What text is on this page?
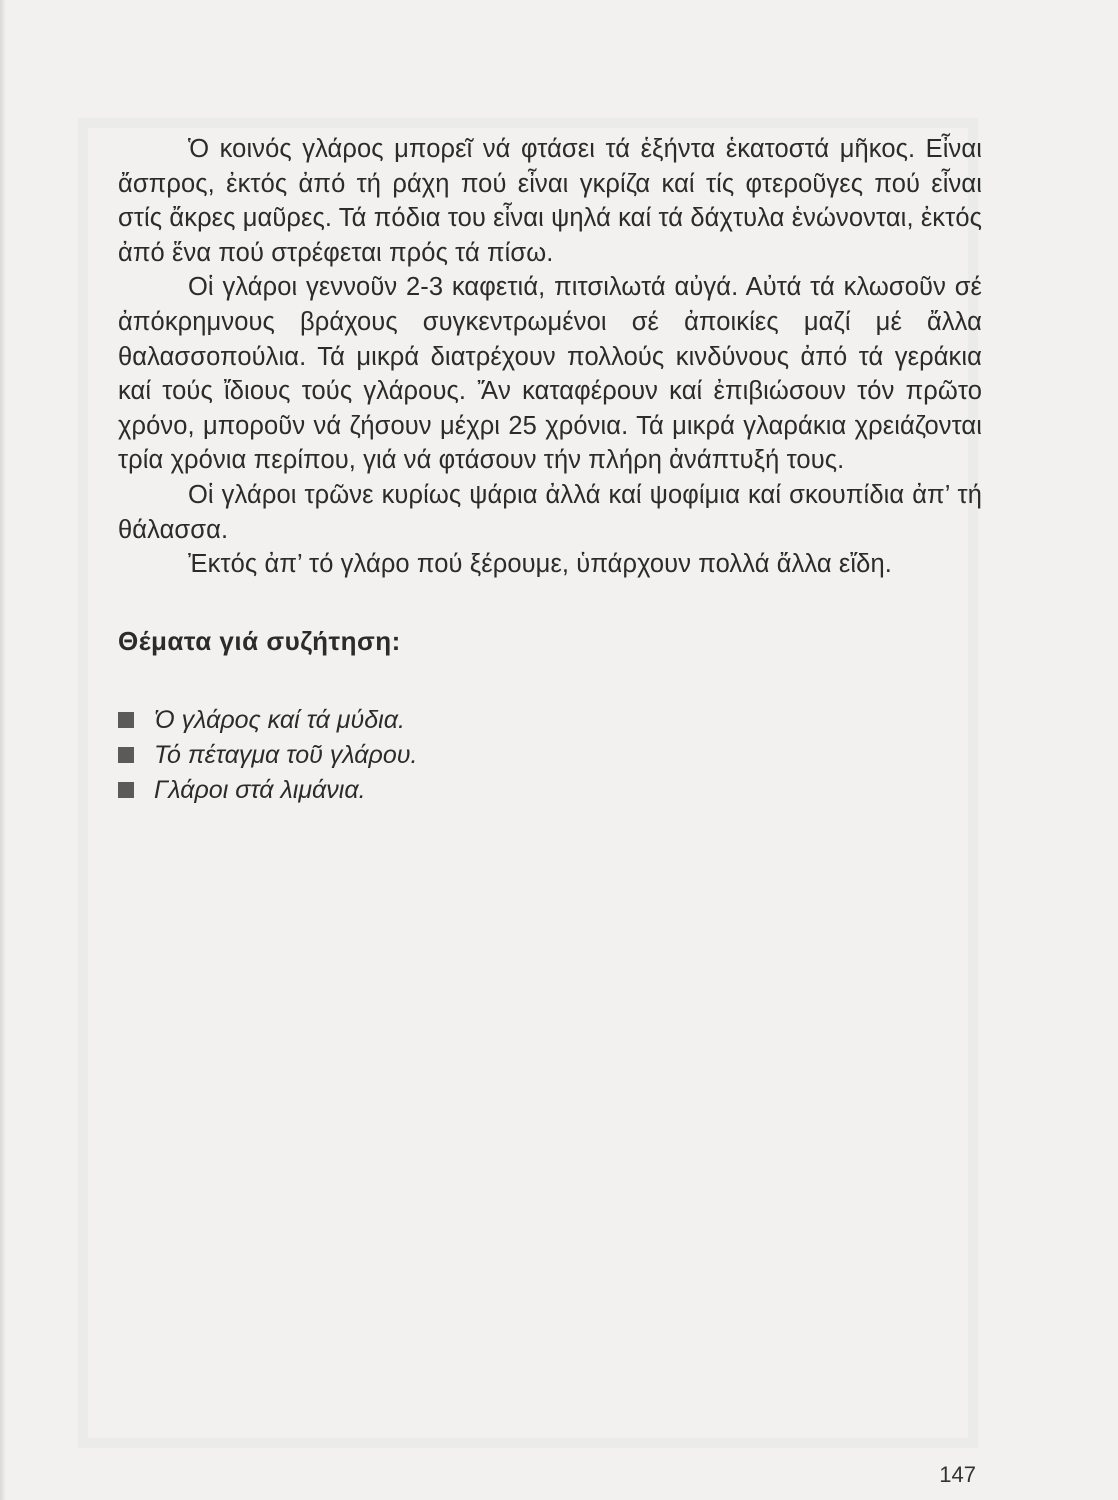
Ὁ κοινός γλάρος μπορεῖ νά φτάσει τά ἑξήντα ἑκατοστά μῆκος. Εἶναι ἄσπρος, ἐκτός ἀπό τή ράχη πού εἶναι γκρίζα καί τίς φτεροῦγες πού εἶναι στίς ἄκρες μαῦρες. Τά πόδια του εἶναι ψηλά καί τά δάχτυλα ἑνώνονται, ἐκτός ἀπό ἕνα πού στρέφεται πρός τά πίσω.

Οἱ γλάροι γεννοῦν 2-3 καφετιά, πιτσιλωτά αὐγά. Αὐτά τά κλωσοῦν σέ ἀπόκρημνους βράχους συγκεντρωμένοι σέ ἀποικίες μαζί μέ ἄλλα θαλασσοπούλια. Τά μικρά διατρέχουν πολλούς κινδύνους ἀπό τά γεράκια καί τούς ἴδιους τούς γλάρους. Ἄν καταφέρουν καί ἐπιβιώσουν τόν πρῶτο χρόνο, μποροῦν νά ζήσουν μέχρι 25 χρόνια. Τά μικρά γλαράκια χρειάζονται τρία χρόνια περίπου, γιά νά φτάσουν τήν πλήρη ἀνάπτυξή τους.

Οἱ γλάροι τρῶνε κυρίως ψάρια ἀλλά καί ψοφίμια καί σκουπίδια ἀπ’ τή θάλασσα.

Ἐκτός ἀπ’ τό γλάρο πού ξέρουμε, ὑπάρχουν πολλά ἄλλα εἴδη.

Θέματα γιά συζήτηση:
Ὁ γλάρος καί τά μύδια.
Τό πέταγμα τοῦ γλάρου.
Γλάροι στά λιμάνια.
147
